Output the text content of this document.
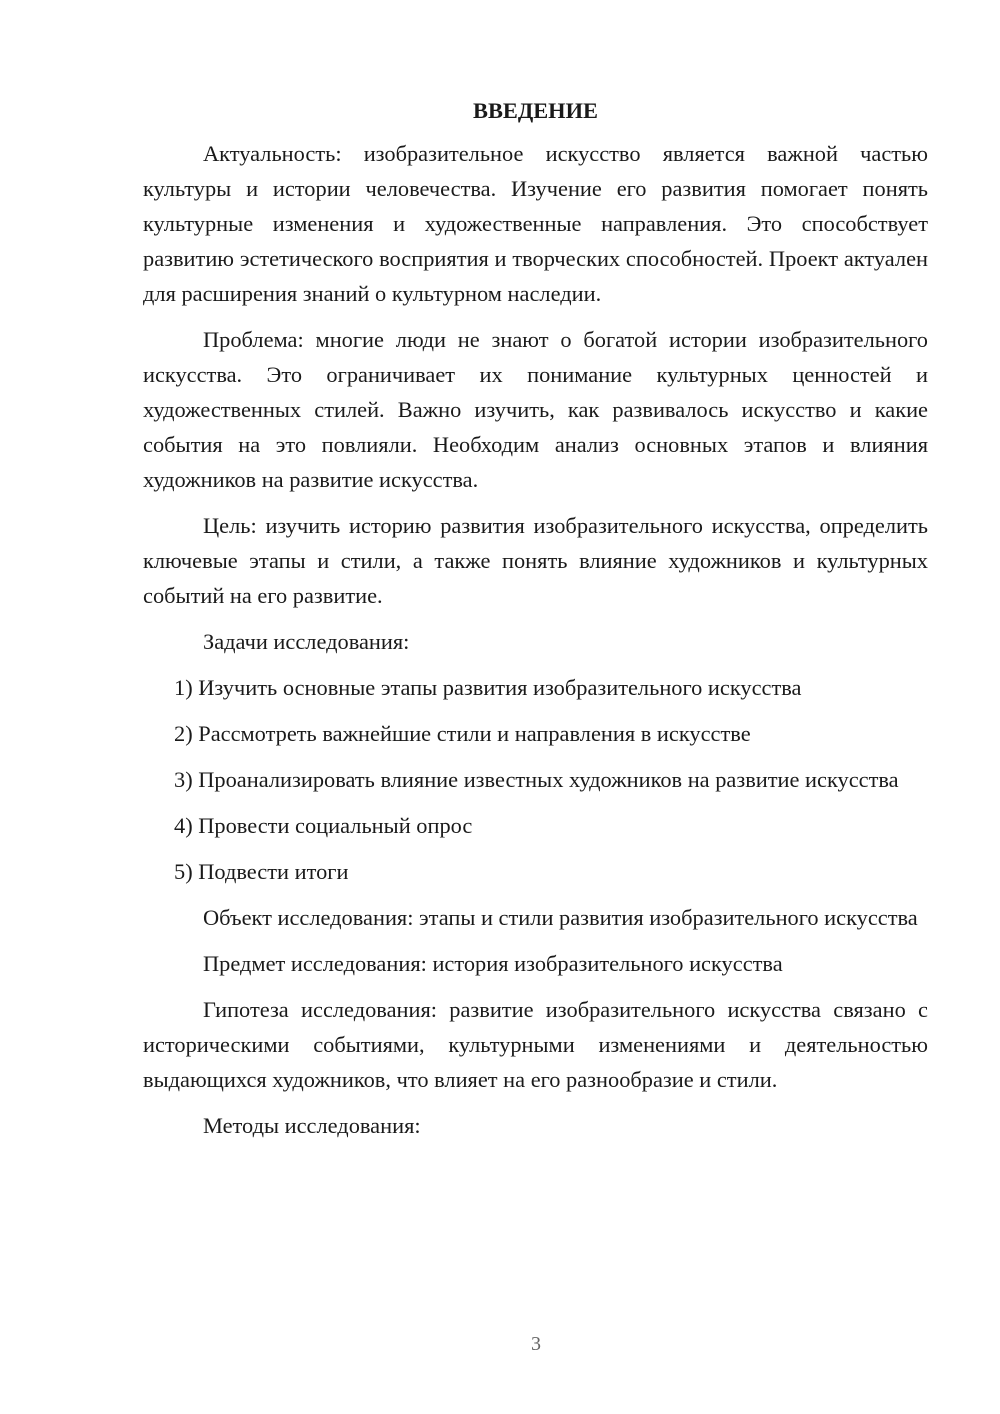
ВВЕДЕНИЕ

Актуальность: изобразительное искусство является важной частью культуры и истории человечества. Изучение его развития помогает понять культурные изменения и художественные направления. Это способствует развитию эстетического восприятия и творческих способностей. Проект актуален для расширения знаний о культурном наследии.

Проблема: многие люди не знают о богатой истории изобразительного искусства. Это ограничивает их понимание культурных ценностей и художественных стилей. Важно изучить, как развивалось искусство и какие события на это повлияли. Необходим анализ основных этапов и влияния художников на развитие искусства.

Цель: изучить историю развития изобразительного искусства, определить ключевые этапы и стили, а также понять влияние художников и культурных событий на его развитие.

Задачи исследования:

1) Изучить основные этапы развития изобразительного искусства

2) Рассмотреть важнейшие стили и направления в искусстве

3) Проанализировать влияние известных художников на развитие искусства

4) Провести социальный опрос

5) Подвести итоги

Объект исследования: этапы и стили развития изобразительного искусства

Предмет исследования: история изобразительного искусства

Гипотеза исследования: развитие изобразительного искусства связано с историческими событиями, культурными изменениями и деятельностью выдающихся художников, что влияет на его разнообразие и стили.

Методы исследования:

3
